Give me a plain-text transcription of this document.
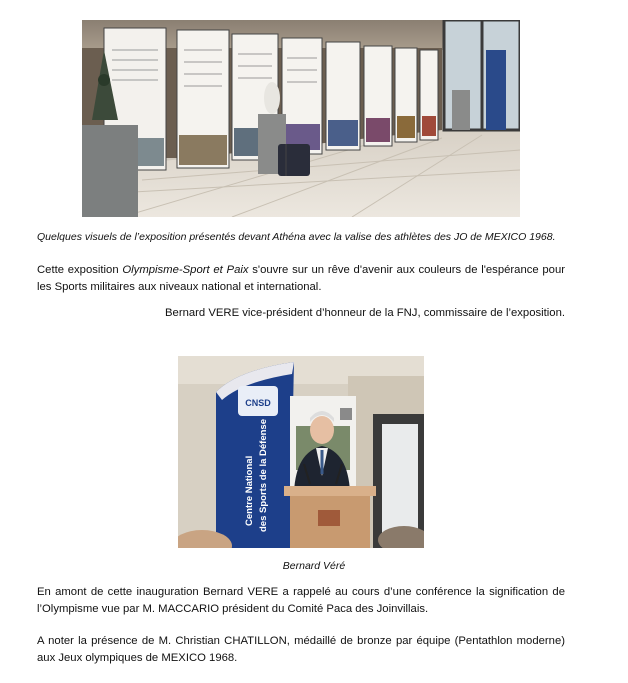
Quelques visuels de l’exposition présentés devant Athéna avec la valise des athlètes des JO de MEXICO 1968.

Cette exposition Olympisme-Sport et Paix s'ouvre sur un rêve d'avenir aux couleurs de l'espérance pour les Sports militaires aux niveaux national et international.

Bernard VERE vice-président d’honneur de la FNJ, commissaire de l’exposition.

CNSD
Centre National des Sports de la Défense
Bernard Véré

En amont de cette inauguration Bernard VERE a rappelé au cours d’une conférence la signification de l’Olympisme vue par M. MACCARIO président du Comité Paca des Joinvillais.

A noter la présence de M. Christian CHATILLON, médaillé de bronze par équipe (Pentathlon moderne) aux Jeux olympiques de MEXICO 1968.
